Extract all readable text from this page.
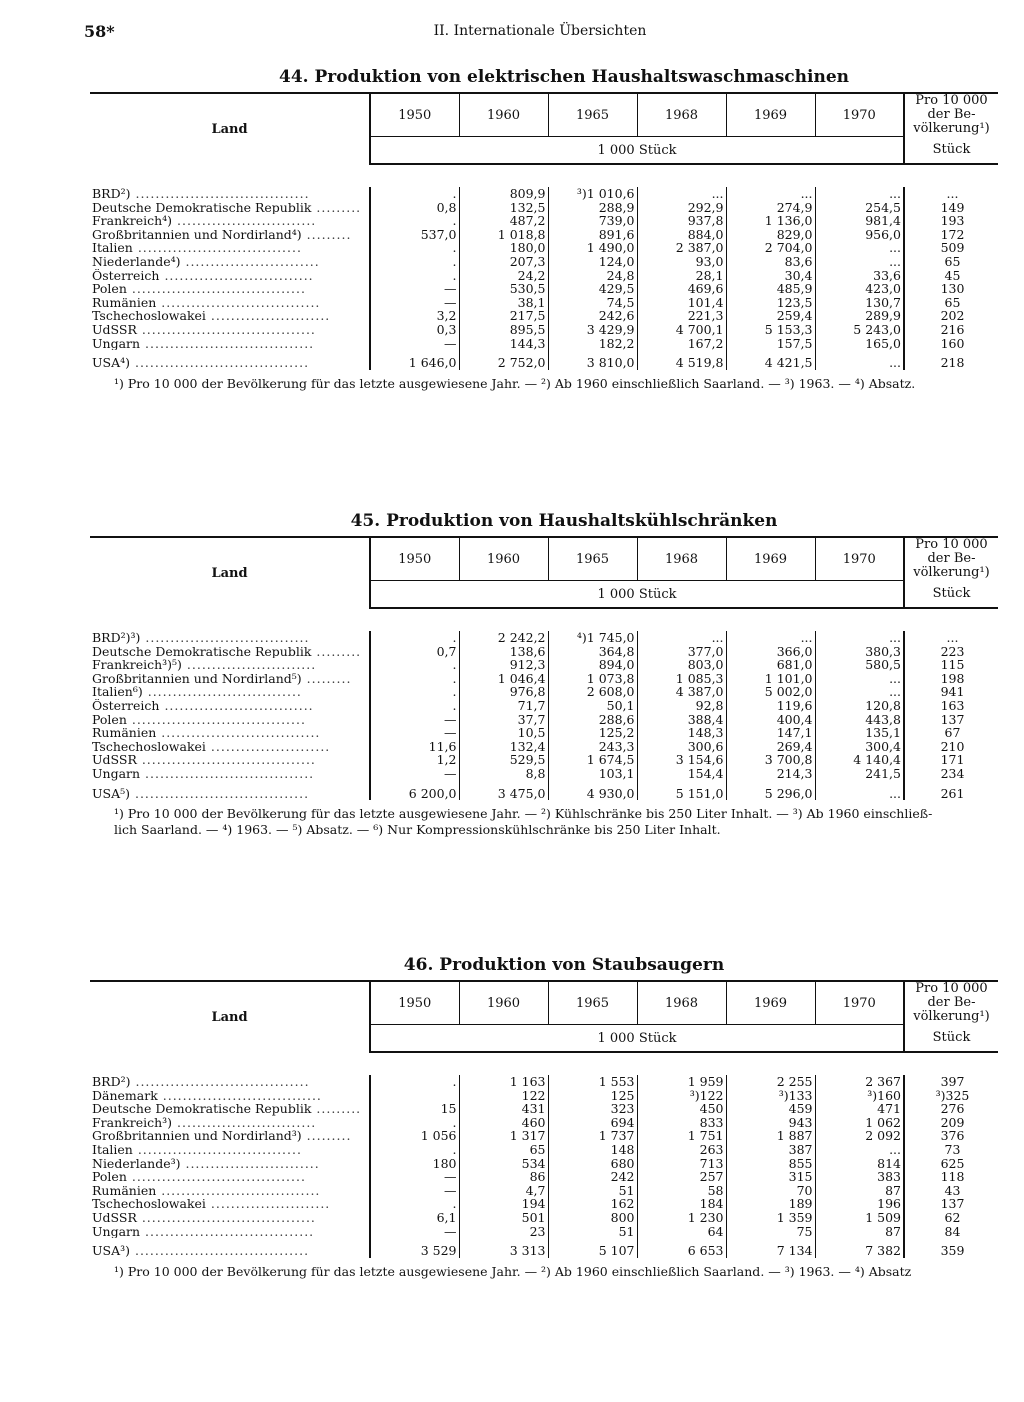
58*	II. Internationale Übersichten
44. Produktion von elektrischen Haushaltswaschmaschinen
Land	1950	1960	1965	1968	1969	1970	Pro 10 000
der Be-
völkerung¹)

	1 000 Stück						Stück

BRD²) ...................................	.	809,9	³)1 010,6	...	...	...	...
Deutsche Demokratische Republik .........	0,8	132,5	288,9	292,9	274,9	254,5	149
Frankreich⁴) ............................	.	487,2	739,0	937,8	1 136,0	981,4	193
Großbritannien und Nordirland⁴) .........	537,0	1 018,8	891,6	884,0	829,0	956,0	172
Italien .................................	.	180,0	1 490,0	2 387,0	2 704,0	...	509
Niederlande⁴) ...........................	.	207,3	124,0	93,0	83,6	...	65
Österreich ..............................	.	24,2	24,8	28,1	30,4	33,6	45
Polen ...................................	—	530,5	429,5	469,6	485,9	423,0	130
Rumänien ................................	—	38,1	74,5	101,4	123,5	130,7	65
Tschechoslowakei ........................	3,2	217,5	242,6	221,3	259,4	289,9	202
UdSSR ...................................	0,3	895,5	3 429,9	4 700,1	5 153,3	5 243,0	216
Ungarn ..................................	—	144,3	182,2	167,2	157,5	165,0	160
USA⁴) ...................................	1 646,0	2 752,0	3 810,0	4 519,8	4 421,5	...	218
¹) Pro 10 000 der Bevölkerung für das letzte ausgewiesene Jahr. — ²) Ab 1960 einschließlich Saarland. — ³) 1963. — ⁴) Absatz.
45. Produktion von Haushaltskühlschränken
Land	1950	1960	1965	1968	1969	1970	Pro 10 000
der Be-
völkerung¹)

	1 000 Stück						Stück

BRD²)³) .................................	.	2 242,2	⁴)1 745,0	...	...	...	...
Deutsche Demokratische Republik .........	0,7	138,6	364,8	377,0	366,0	380,3	223
Frankreich³)⁵) ..........................	.	912,3	894,0	803,0	681,0	580,5	115
Großbritannien und Nordirland⁵) .........	.	1 046,4	1 073,8	1 085,3	1 101,0	...	198
Italien⁶) ...............................	.	976,8	2 608,0	4 387,0	5 002,0	...	941
Österreich ..............................	.	71,7	50,1	92,8	119,6	120,8	163
Polen ...................................	—	37,7	288,6	388,4	400,4	443,8	137
Rumänien ................................	—	10,5	125,2	148,3	147,1	135,1	67
Tschechoslowakei ........................	11,6	132,4	243,3	300,6	269,4	300,4	210
UdSSR ...................................	1,2	529,5	1 674,5	3 154,6	3 700,8	4 140,4	171
Ungarn ..................................	—	8,8	103,1	154,4	214,3	241,5	234
USA⁵) ...................................	6 200,0	3 475,0	4 930,0	5 151,0	5 296,0	...	261
¹) Pro 10 000 der Bevölkerung für das letzte ausgewiesene Jahr. — ²) Kühlschränke bis 250 Liter Inhalt. — ³) Ab 1960 einschließ-
lich Saarland. — ⁴) 1963. — ⁵) Absatz. — ⁶) Nur Kompressionskühlschränke bis 250 Liter Inhalt.
46. Produktion von Staubsaugern
Land	1950	1960	1965	1968	1969	1970	Pro 10 000
der Be-
völkerung¹)

	1 000 Stück						Stück

BRD²) ...................................	.	1 163	1 553	1 959	2 255	2 367	397
Dänemark ................................		122	125	³)122	³)133	³)160	³)325
Deutsche Demokratische Republik .........	15	431	323	450	459	471	276
Frankreich³) ............................	.	460	694	833	943	1 062	209
Großbritannien und Nordirland³) .........	1 056	1 317	1 737	1 751	1 887	2 092	376
Italien .................................	.	65	148	263	387	...	73
Niederlande³) ...........................	180	534	680	713	855	814	625
Polen ...................................	—	86	242	257	315	383	118
Rumänien ................................	—	4,7	51	58	70	87	43
Tschechoslowakei ........................	.	194	162	184	189	196	137
UdSSR ...................................	6,1	501	800	1 230	1 359	1 509	62
Ungarn ..................................	—	23	51	64	75	87	84
USA³) ...................................	3 529	3 313	5 107	6 653	7 134	7 382	359
¹) Pro 10 000 der Bevölkerung für das letzte ausgewiesene Jahr. — ²) Ab 1960 einschließlich Saarland. — ³) 1963. — ⁴) Absatz
